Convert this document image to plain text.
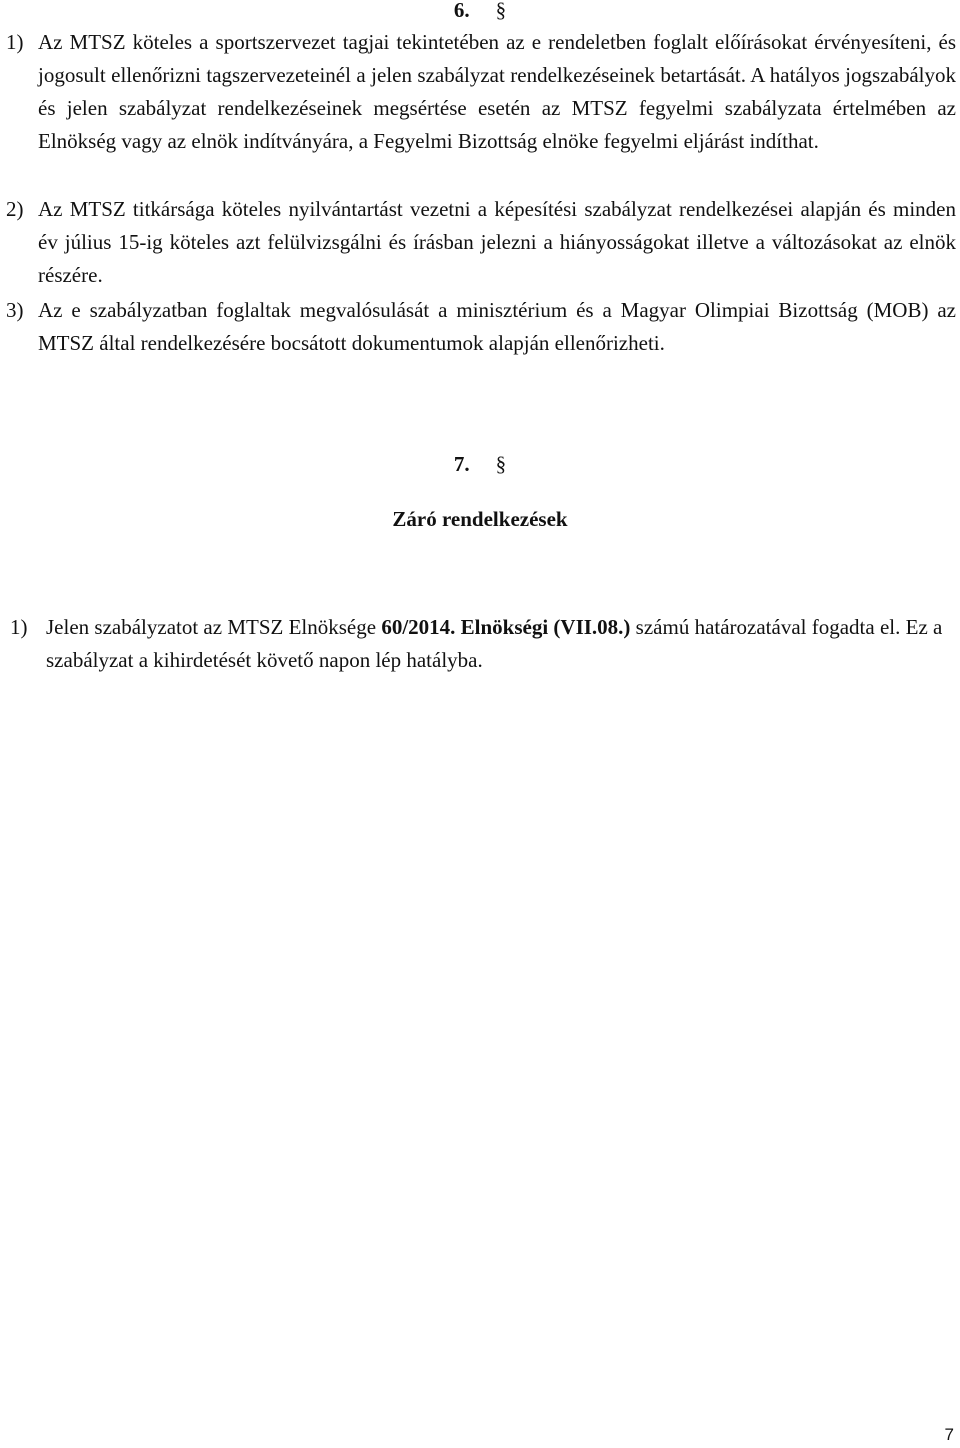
6. §
1) Az MTSZ köteles a sportszervezet tagjai tekintetében az e rendeletben foglalt előírásokat érvényesíteni, és jogosult ellenőrizni tagszervezeteinél a jelen szabályzat rendelkezéseinek betartását. A hatályos jogszabályok és jelen szabályzat rendelkezéseinek megsértése esetén az MTSZ fegyelmi szabályzata értelmében az Elnökség vagy az elnök indítványára, a Fegyelmi Bizottság elnöke fegyelmi eljárást indíthat.
2) Az MTSZ titkársága köteles nyilvántartást vezetni a képesítési szabályzat rendelkezései alapján és minden év július 15-ig köteles azt felülvizsgálni és írásban jelezni a hiányosságokat illetve a változásokat az elnök részére.
3) Az e szabályzatban foglaltak megvalósulását a minisztérium és a Magyar Olimpiai Bizottság (MOB) az MTSZ által rendelkezésére bocsátott dokumentumok alapján ellenőrizheti.
7. §
Záró rendelkezések
1) Jelen szabályzatot az MTSZ Elnöksége 60/2014. Elnökségi (VII.08.) számú határozatával fogadta el. Ez a szabályzat a kihirdetését követő napon lép hatályba.
7
